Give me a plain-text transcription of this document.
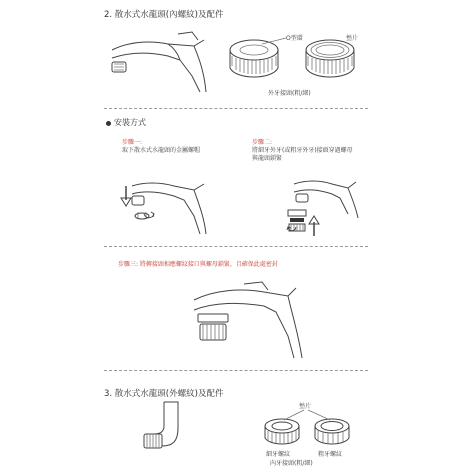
2. 散水式水龍頭(內螺紋)及配件
O型環	墊片
外牙接頭(粗/細)
安裝方式
步驟一:
取下散水式水龍頭的金屬螺帽
步驟二:
將細牙外牙(或粗牙外牙)接頭穿過螺母
與龍頭鎖緊
步驟三: 將轉接頭相應螺紋接口與螺母鎖緊，且確保此處密封
3. 散水式水龍頭(外螺紋)及配件
墊片
細牙螺紋	粗牙螺紋
內牙接頭(粗/細)
